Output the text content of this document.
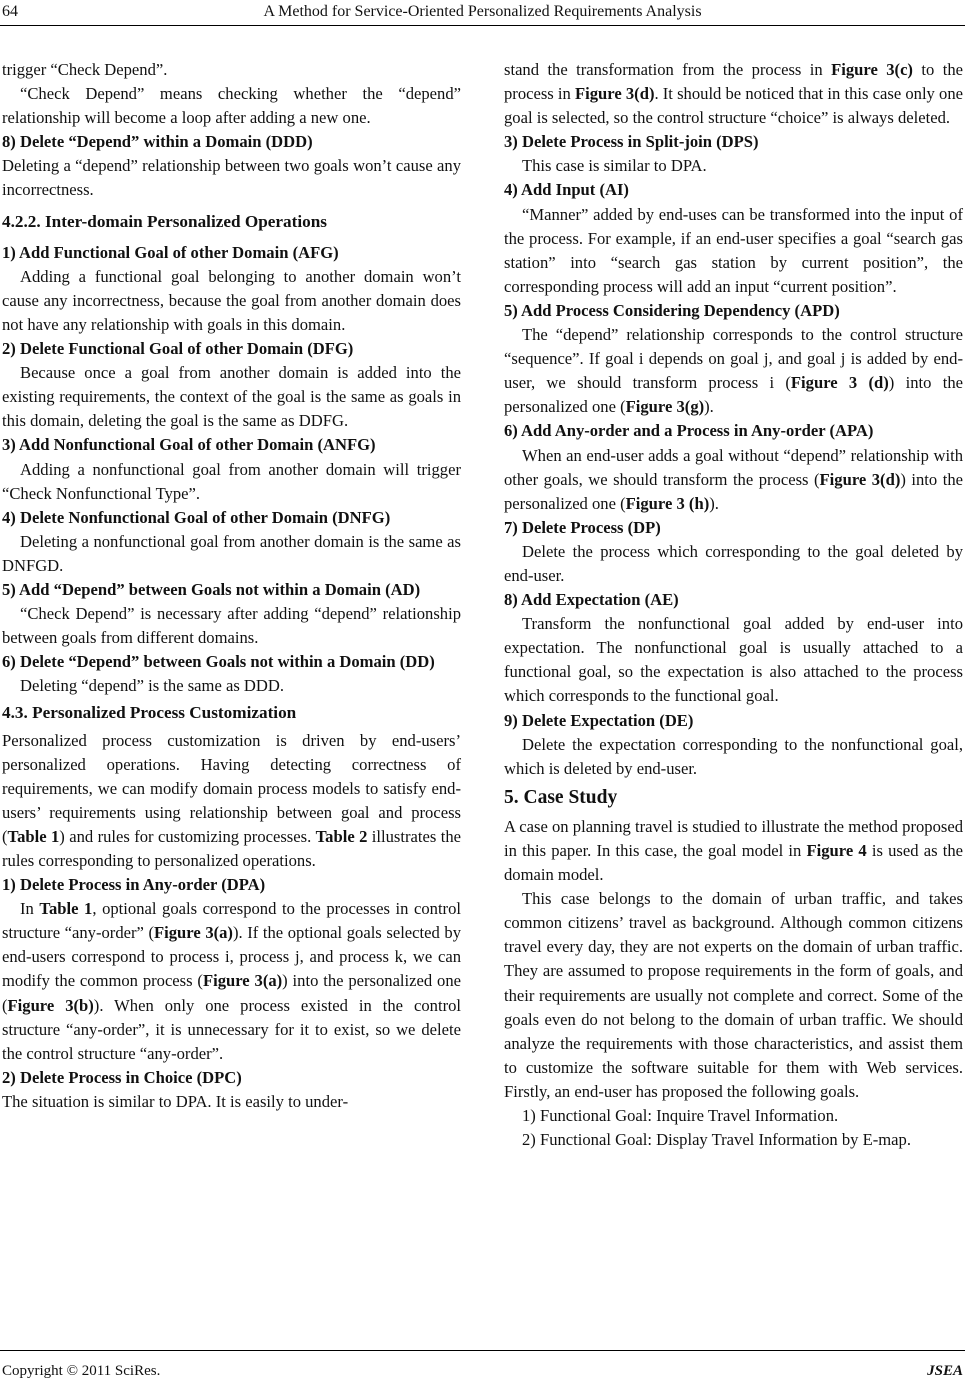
64	A Method for Service-Oriented Personalized Requirements Analysis

trigger “Check Depend”.

“Check Depend” means checking whether the “depend” relationship will become a loop after adding a new one.

8) Delete “Depend” within a Domain (DDD)

Deleting a “depend” relationship between two goals won’t cause any incorrectness.

4.2.2. Inter-domain Personalized Operations
1) Add Functional Goal of other Domain (AFG)

Adding a functional goal belonging to another domain won’t cause any incorrectness, because the goal from another domain does not have any relationship with goals in this domain.

2) Delete Functional Goal of other Domain (DFG)

Because once a goal from another domain is added into the existing requirements, the context of the goal is the same as goals in this domain, deleting the goal is the same as DDFG.

3) Add Nonfunctional Goal of other Domain (ANFG)

Adding a nonfunctional goal from another domain will trigger “Check Nonfunctional Type”.

4) Delete Nonfunctional Goal of other Domain (DNFG)

Deleting a nonfunctional goal from another domain is the same as DNFGD.

5) Add “Depend” between Goals not within a Domain (AD)

“Check Depend” is necessary after adding “depend” relationship between goals from different domains.

6) Delete “Depend” between Goals not within a Domain (DD)

Deleting “depend” is the same as DDD.

4.3. Personalized Process Customization

Personalized process customization is driven by end-users’ personalized operations. Having detecting correctness of requirements, we can modify domain process models to satisfy end-users’ requirements using relationship between goal and process (Table 1) and rules for customizing processes. Table 2 illustrates the rules corresponding to personalized operations.

1) Delete Process in Any-order (DPA)

In Table 1, optional goals correspond to the processes in control structure “any-order” (Figure 3(a)). If the optional goals selected by end-users correspond to process i, process j, and process k, we can modify the common process (Figure 3(a)) into the personalized one (Figure 3(b)). When only one process existed in the control structure “any-order”, it is unnecessary for it to exist, so we delete the control structure “any-order”.

2) Delete Process in Choice (DPC)

The situation is similar to DPA. It is easily to under-

stand the transformation from the process in Figure 3(c) to the process in Figure 3(d). It should be noticed that in this case only one goal is selected, so the control structure “choice” is always deleted.

3) Delete Process in Split-join (DPS)

This case is similar to DPA.

4) Add Input (AI)

“Manner” added by end-uses can be transformed into the input of the process. For example, if an end-user specifies a goal “search gas station” into “search gas station by current position”, the corresponding process will add an input “current position”.

5) Add Process Considering Dependency (APD)

The “depend” relationship corresponds to the control structure “sequence”. If goal i depends on goal j, and goal j is added by end-user, we should transform process i (Figure 3 (d)) into the personalized one (Figure 3(g)).

6) Add Any-order and a Process in Any-order (APA)

When an end-user adds a goal without “depend” relationship with other goals, we should transform the process (Figure 3(d)) into the personalized one (Figure 3 (h)).

7) Delete Process (DP)

Delete the process which corresponding to the goal deleted by end-user.

8) Add Expectation (AE)

Transform the nonfunctional goal added by end-user into expectation. The nonfunctional goal is usually attached to a functional goal, so the expectation is also attached to the process which corresponds to the functional goal.

9) Delete Expectation (DE)

Delete the expectation corresponding to the nonfunctional goal, which is deleted by end-user.

5. Case Study

A case on planning travel is studied to illustrate the method proposed in this paper. In this case, the goal model in Figure 4 is used as the domain model.

This case belongs to the domain of urban traffic, and takes common citizens’ travel as background. Although common citizens travel every day, they are not experts on the domain of urban traffic. They are assumed to propose requirements in the form of goals, and their requirements are usually not complete and correct. Some of the goals even do not belong to the domain of urban traffic. We should analyze the requirements with those characteristics, and assist them to customize the software suitable for them with Web services. Firstly, an end-user has proposed the following goals.

1) Functional Goal: Inquire Travel Information.

2) Functional Goal: Display Travel Information by E-map.

Copyright © 2011 SciRes.	JSEA
